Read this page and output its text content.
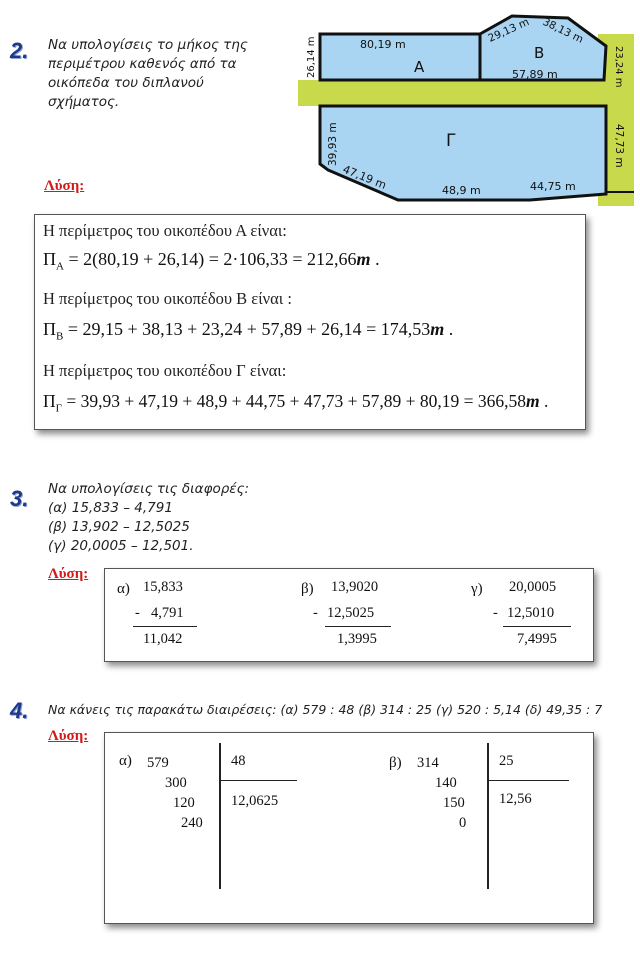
2. Να υπολογίσεις το μήκος της
περιμέτρου καθενός από τα
οικόπεδα του διπλανού
σχήματος.
Α
Β
Γ
80,19 m
26,14 m
29,13 m 38,13 m
23,24 m
57,89 m
39,93 m	47,73 m
47,19 m	48,9 m	44,75 m
Λύση:
Η περίμετρος του οικοπέδου Α είναι:
$\Pi_A = 2(80,19 + 26,14) = 2\cdot 106,33 = 212,66m$ .
Η περίμετρος του οικοπέδου Β είναι :
$\Pi_B = 29,15 + 38,13 + 23,24 + 57,89 + 26,14 = 174,53m$ .
Η περίμετρος του οικοπέδου Γ είναι:
$\Pi_\Gamma = 39,93 + 47,19 + 48,9 + 44,75 + 47,73 + 57,89 + 80,19 = 366,58m$ .
3. Να υπολογίσεις τις διαφορές:
(α) 15,833 – 4,791
(β) 13,902 – 12,5025
(γ) 20,0005 – 12,501.
Λύση:
α) 15,833
- 4,791
11,042
β) 13,9020
- 12,5025
1,3995
γ) 20,0005
- 12,5010
7,4995
4. Να κάνεις τις παρακάτω διαιρέσεις: (α) 579 : 48 (β) 314 : 25 (γ) 520 : 5,14 (δ) 49,35 : 7
Λύση:
α) 579
300
120
240
48
12,0625
β) 314
140
150
0
25
12,56
